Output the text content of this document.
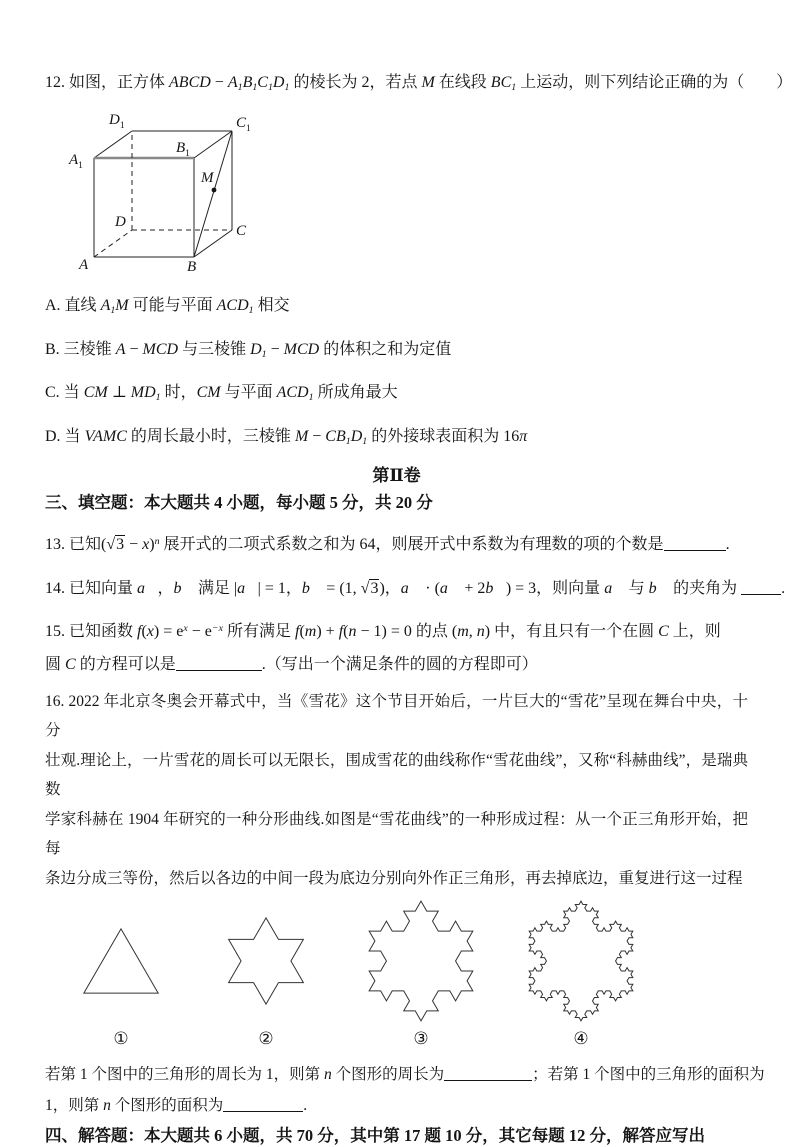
12. 如图，正方体 ABCD − $A_1B_1C_1D_1$ 的棱长为 2，若点 M 在线段 $BC_1$ 上运动，则下列结论正确的为（　　）
$D_1$	$C_1$
$A_1$
$B_1$
M
D
C
A	B
A. 直线 $A_1M$ 可能与平面 $ACD_1$ 相交
B. 三棱锥 A − MCD 与三棱锥 $D_1$ − MCD 的体积之和为定值
C. 当 CM ⊥ $MD_1$ 时，CM 与平面 $ACD_1$ 所成角最大
D. 当 VAMC 的周长最小时，三棱锥 $M - CB_1D_1$ 的外接球表面积为 16π
第Ⅱ卷
三、填空题：本大题共 4 小题，每小题 5 分，共 20 分
13. 已知$(√3 - x)^n$ 展开式的二项式系数之和为 64，则展开式中系数为有理数的项的个数是	.
14. 已知向量 a⃗，b⃗ 满足 |a⃗| = 1，b⃗ = (1, √3)，a⃗ · (a⃗ + 2b⃗) = 3，则向量 a⃗ 与 b⃗ 的夹角为	.
15. 已知函数 $f(x) = e^x - e^{-x}$ 所有满足 f(m) + f(n − 1) = 0 的点 (m, n) 中，有且只有一个在圆 C 上，则
圆 C 的方程可以是	.（写出一个满足条件的圆的方程即可）
16. 2022 年北京冬奥会开幕式中，当《雪花》这个节目开始后，一片巨大的“雪花”呈现在舞台中央，十分
壮观.理论上，一片雪花的周长可以无限长，围成雪花的曲线称作“雪花曲线”，又称“科赫曲线”，是瑞典数
学家科赫在 1904 年研究的一种分形曲线.如图是“雪花曲线”的一种形成过程：从一个正三角形开始，把每
条边分成三等份，然后以各边的中间一段为底边分别向外作正三角形，再去掉底边，重复进行这一过程
①	②	③	④
若第 1 个图中的三角形的周长为 1，则第 n 个图形的周长为	；若第 1 个图中的三角形的面积为
1，则第 n 个图形的面积为	.
四、解答题：本大题共 6 小题，共 70 分，其中第 17 题 10 分，其它每题 12 分，解答应写出
